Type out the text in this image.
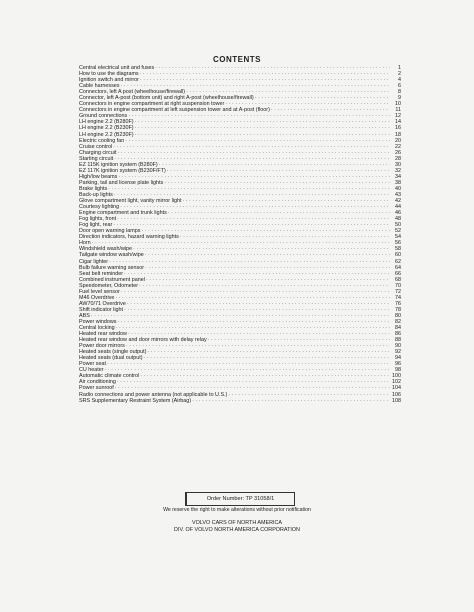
CONTENTS
Central electrical unit and fuses · · ·	1
How to use the diagrams · · ·	2
Ignition switch and mirror · · ·	4
Cable harnesses · · ·	6
Connectors, left A post (wheelhouse/firewall) · · ·	8
Connector, left A-post (bottom unit) and right A-post (wheelhouse/firewall) · · ·	9
Connectors in engine compartment at right suspension tower · · ·	10
Connectors in engine compartment at left suspension tower and at A-post (floor) · · ·	11
Ground connections · · ·	12
LH engine 2.2 (B280F) · · ·	14
LH engine 2.2 (B230F) · · ·	16
LH engine 2.2 (B230F) · · ·	18
Electric cooling fan · · ·	20
Cruise control · · ·	22
Charging circuit · · ·	26
Starting circuit · · ·	28
EZ 115K ignition system (B280F) · · ·	30
EZ 117K ignition system (B230F/FT) · · ·	32
High/low beams · · ·	34
Parking, tail and license plate lights · · ·	38
Brake lights · · ·	40
Back-up lights · · ·	43
Glove compartment light, vanity mirror light · · ·	42
Courtesy lighting · · ·	44
Engine compartment and trunk lights · · ·	46
Fog lights, front · · ·	48
Fog light, rear · · ·	50
Door open warning lamps · · ·	52
Direction indicators, hazard warning lights · · ·	54
Horn · · ·	56
Windshield wash/wipe · · ·	58
Tailgate window wash/wipe · · ·	60
Cigar lighter · · ·	62
Bulb failure warning sensor · · ·	64
Seat belt reminder · · ·	66
Combined instrument panel · · ·	68
Speedometer, Odometer · · ·	70
Fuel level sensor · · ·	72
M46 Overdrive · · ·	74
AW70/71 Overdrive · · ·	76
Shift indicator light · · ·	78
ABS · · ·	80
Power windows · · ·	82
Central locking · · ·	84
Heated rear window · · ·	86
Heated rear window and door mirrors with delay relay · · ·	88
Power door mirrors · · ·	90
Heated seats (single output) · · ·	92
Heated seats (dual output) · · ·	94
Power seat · · ·	96
CU heater · · ·	98
Automatic climate control · · ·	100
Air conditioning · · ·	102
Power sunroof · · ·	104
Radio connections and power antenna (not applicable to U.S.) · · ·	106
SRS Supplementary Restraint System (Airbag) · · ·	108
Order Number: TP 31058/1
We reserve the right to make alterations without prior notification
VOLVO CARS OF NORTH AMERICA
DIV. OF VOLVO NORTH AMERICA CORPORATION
